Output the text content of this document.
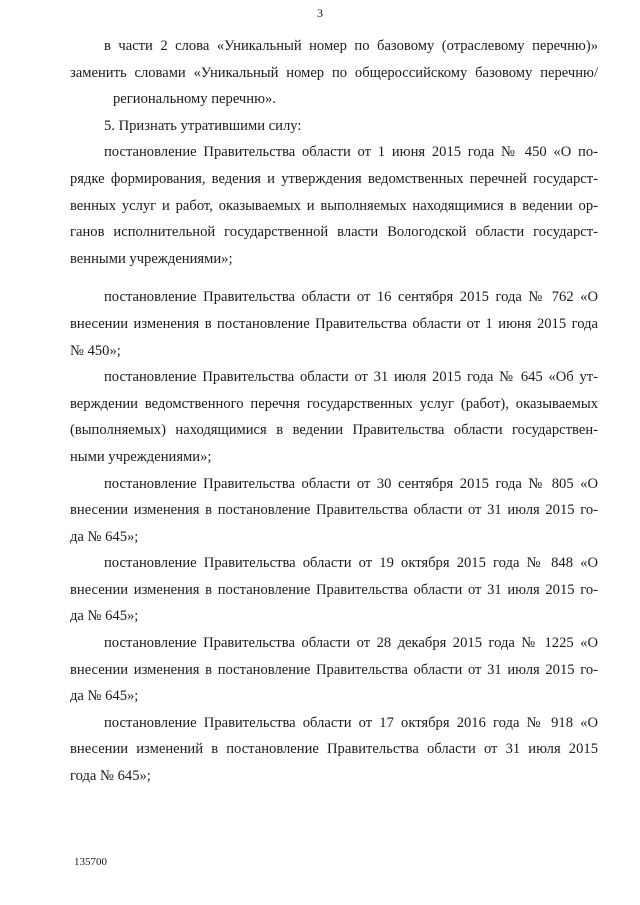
3
в части 2 слова «Уникальный номер по базовому (отраслевому перечню)»
заменить словами «Уникальный номер по общероссийскому базовому перечню/
региональному перечню».
5. Признать утратившими силу:
постановление Правительства области от 1 июня 2015 года № 450 «О по-
рядке формирования, ведения и утверждения ведомственных перечней государст-
венных услуг и работ, оказываемых и выполняемых находящимися в ведении ор-
ганов исполнительной государственной власти Вологодской области государст-
венными учреждениями»;
постановление Правительства области от 16 сентября 2015 года № 762 «О
внесении изменения в постановление Правительства области от 1 июня 2015 года
№ 450»;
постановление Правительства области от 31 июля 2015 года № 645 «Об ут-
верждении ведомственного перечня государственных услуг (работ), оказываемых
(выполняемых) находящимися в ведении Правительства области государствен-
ными учреждениями»;
постановление Правительства области от 30 сентября 2015 года № 805 «О
внесении изменения в постановление Правительства области от 31 июля 2015 го-
да № 645»;
постановление Правительства области от 19 октября 2015 года № 848 «О
внесении изменения в постановление Правительства области от 31 июля 2015 го-
да № 645»;
постановление Правительства области от 28 декабря 2015 года № 1225 «О
внесении изменения в постановление Правительства области от 31 июля 2015 го-
да № 645»;
постановление Правительства области от 17 октября 2016 года № 918 «О
внесении изменений в постановление Правительства области от 31 июля 2015
года № 645»;
135700
